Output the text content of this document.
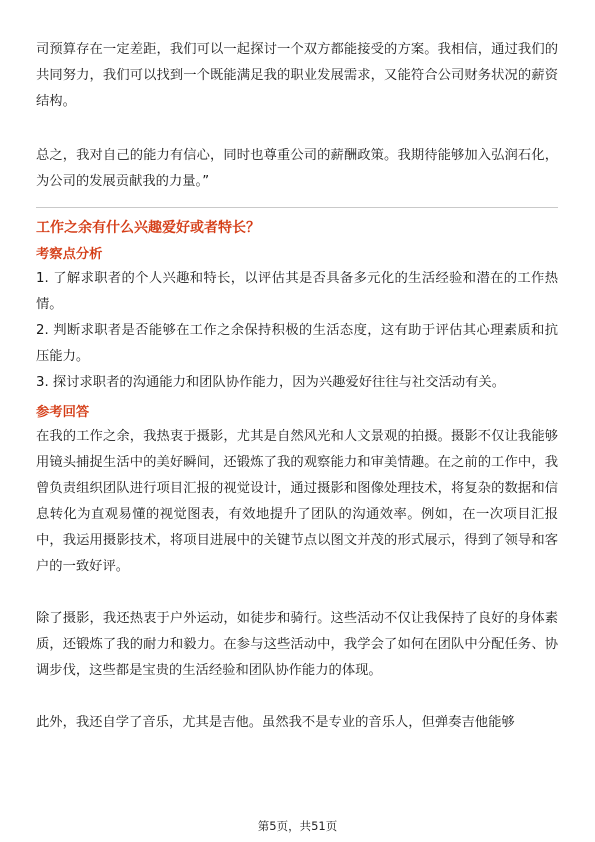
司预算存在一定差距，我们可以一起探讨一个双方都能接受的方案。我相信，通过我们的共同努力，我们可以找到一个既能满足我的职业发展需求，又能符合公司财务状况的薪资结构。

总之，我对自己的能力有信心，同时也尊重公司的薪酬政策。我期待能够加入弘润石化，为公司的发展贡献我的力量。”

工作之余有什么兴趣爱好或者特长？
考察点分析
1. 了解求职者的个人兴趣和特长，以评估其是否具备多元化的生活经验和潜在的工作热情。
2. 判断求职者是否能够在工作之余保持积极的生活态度，这有助于评估其心理素质和抗压能力。
3. 探讨求职者的沟通能力和团队协作能力，因为兴趣爱好往往与社交活动有关。
参考回答

在我的工作之余，我热衷于摄影，尤其是自然风光和人文景观的拍摄。摄影不仅让我能够用镜头捕捉生活中的美好瞬间，还锻炼了我的观察能力和审美情趣。在之前的工作中，我曾负责组织团队进行项目汇报的视觉设计，通过摄影和图像处理技术，将复杂的数据和信息转化为直观易懂的视觉图表，有效地提升了团队的沟通效率。例如，在一次项目汇报中，我运用摄影技术，将项目进展中的关键节点以图文并茂的形式展示，得到了领导和客户的一致好评。

除了摄影，我还热衷于户外运动，如徒步和骑行。这些活动不仅让我保持了良好的身体素质，还锻炼了我的耐力和毅力。在参与这些活动中，我学会了如何在团队中分配任务、协调步伐，这些都是宝贵的生活经验和团队协作能力的体现。

此外，我还自学了音乐，尤其是吉他。虽然我不是专业的音乐人，但弹奏吉他能够

第5页，共51页
